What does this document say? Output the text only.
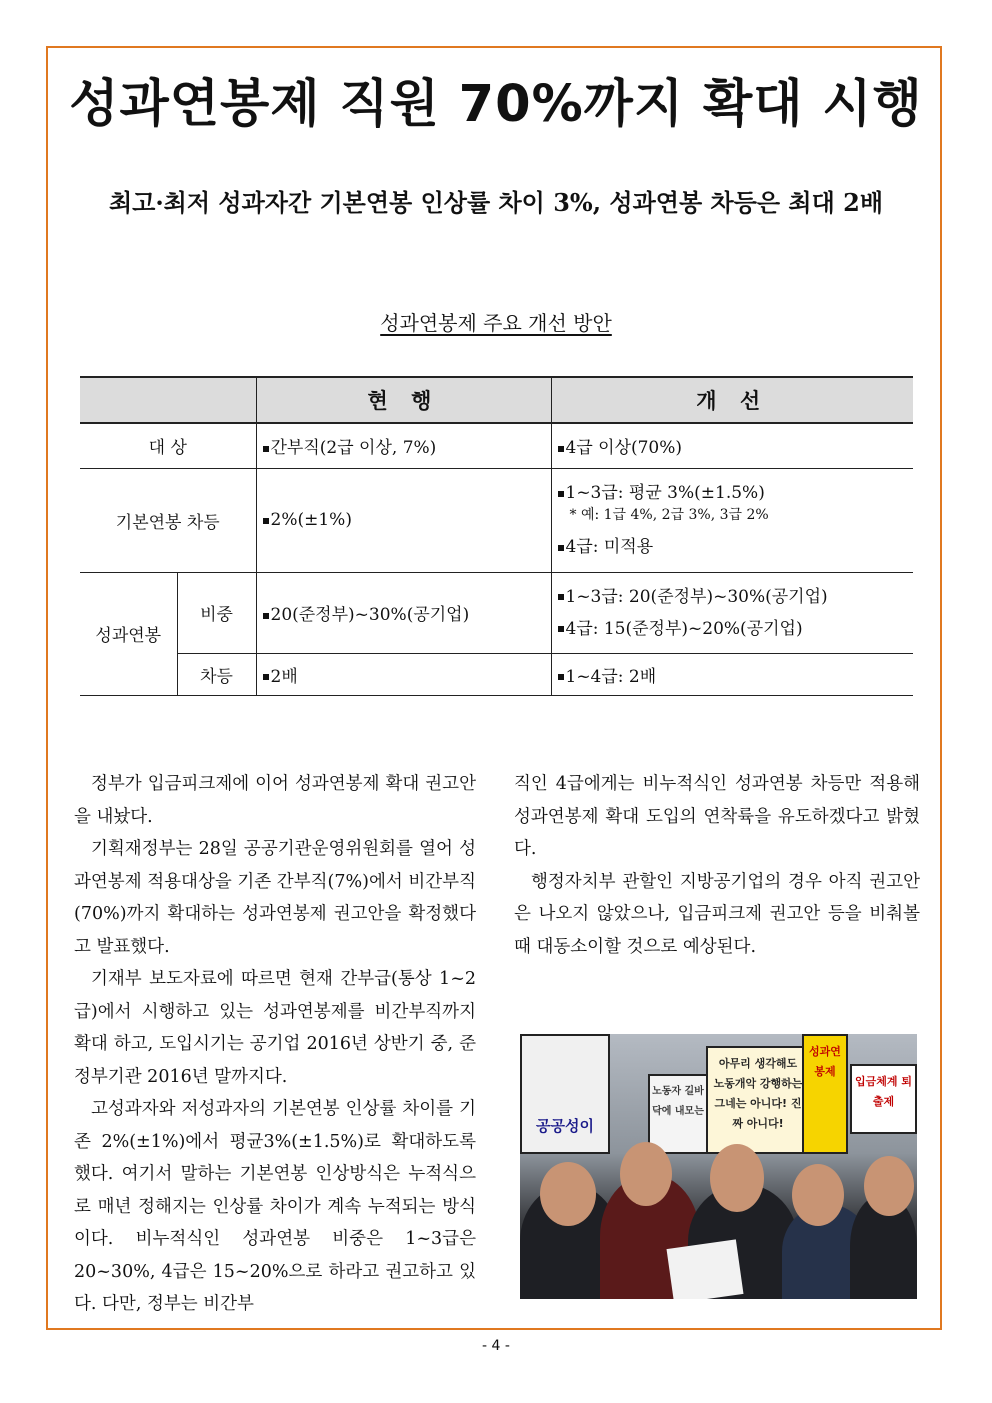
성과연봉제 직원 70%까지 확대 시행
최고·최저 성과자간 기본연봉 인상률 차이 3%, 성과연봉 차등은 최대 2배

성과연봉제 주요 개선 방안

		현 행	개 선
대 상		간부직(2급 이상, 7%)	4급 이상(70%)
기본연봉 차등		2%(±1%)	1~3급: 평균 3%(±1.5%)
* 예: 1급 4%, 2급 3%, 3급 2%
4급: 미적용

성과연봉	비중	20(준정부)~30%(공기업)	1~3급: 20(준정부)~30%(공기업)
4급: 15(준정부)~20%(공기업)

	차등	2배	1~4급: 2배

정부가 입금피크제에 이어 성과연봉제 확대 권고안을 내놨다.

기획재정부는 28일 공공기관운영위원회를 열어 성과연봉제 적용대상을 기존 간부직(7%)에서 비간부직(70%)까지 확대하는 성과연봉제 권고안을 확정했다고 발표했다.

기재부 보도자료에 따르면 현재 간부급(통상 1~2급)에서 시행하고 있는 성과연봉제를 비간부직까지 확대 하고, 도입시기는 공기업 2016년 상반기 중, 준정부기관 2016년 말까지다.

고성과자와 저성과자의 기본연봉 인상률 차이를 기존 2%(±1%)에서 평균3%(±1.5%)로 확대하도록 했다. 여기서 말하는 기본연봉 인상방식은 누적식으로 매년 정해지는 인상률 차이가 계속 누적되는 방식이다. 비누적식인 성과연봉 비중은 1~3급은 20~30%, 4급은 15~20%으로 하라고 권고하고 있다. 다만, 정부는 비간부

직인 4급에게는 비누적식인 성과연봉 차등만 적용해 성과연봉제 확대 도입의 연착륙을 유도하겠다고 밝혔다.

행정자치부 관할인 지방공기업의 경우 아직 권고안은 나오지 않았으나, 입금피크제 권고안 등을 비춰볼 때 대동소이할 것으로 예상된다.

공공성이
노동자 길바닥에 내모는
아무리 생각해도 노동개악 강행하는 그네는 아니다! 진짜 아니다!
성과연봉제
입금체계 퇴출제
- 4 -
